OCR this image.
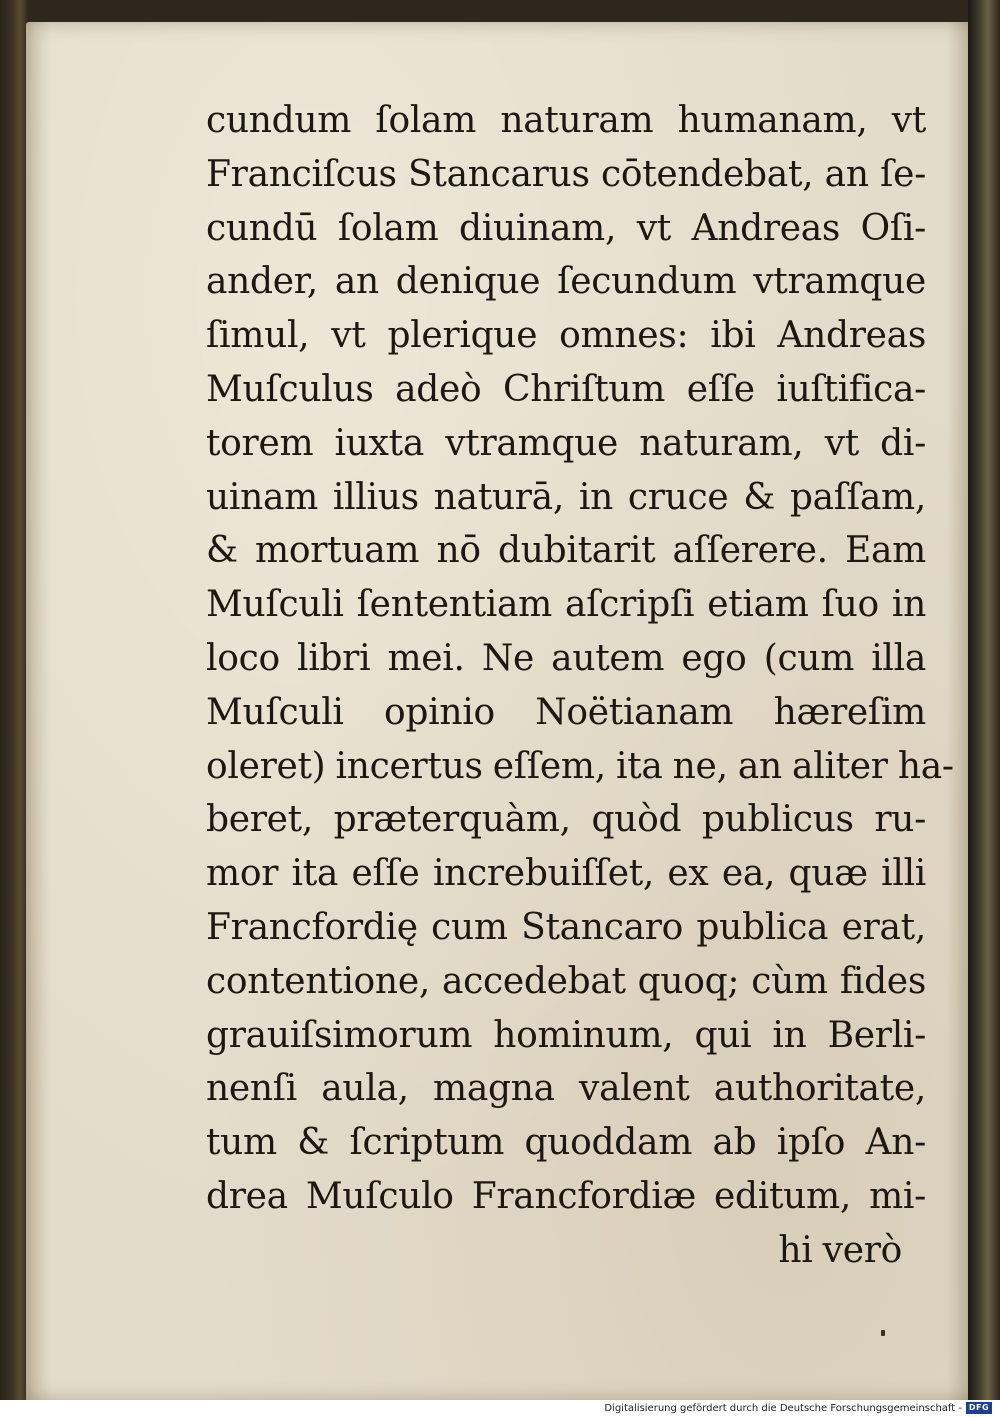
cundum ſolam naturam humanam, vt
Franciſcus Stancarus cōtendebat, an ſe-
cundū ſolam diuinam, vt Andreas Oſi-
ander, an denique ſecundum vtramque
ſimul, vt plerique omnes: ibi Andreas
Muſculus adeò Chriſtum eſſe iuſtifica-
torem iuxta vtramque naturam, vt di-
uinam illius naturā, in cruce & paſſam,
& mortuam nō dubitarit aſſerere. Eam
Muſculi ſententiam aſcripſi etiam ſuo in
loco libri mei. Ne autem ego (cum illa
Muſculi opinio Noëtianam hæreſim
oleret) incertus eſſem, ita ne, an aliter ha-
beret, præterquàm, quòd publicus ru-
mor ita eſſe increbuiſſet, ex ea, quæ illi
Francfordię cum Stancaro publica erat,
contentione, accedebat quoq; cùm fides
grauiſsimorum hominum, qui in Berli-
nenſi aula, magna valent authoritate,
tum & ſcriptum quoddam ab ipſo An-
drea Muſculo Francfordiæ editum, mi-
hi verò
Digitalisierung gefördert durch die Deutsche Forschungsgemeinschaft - DFG
